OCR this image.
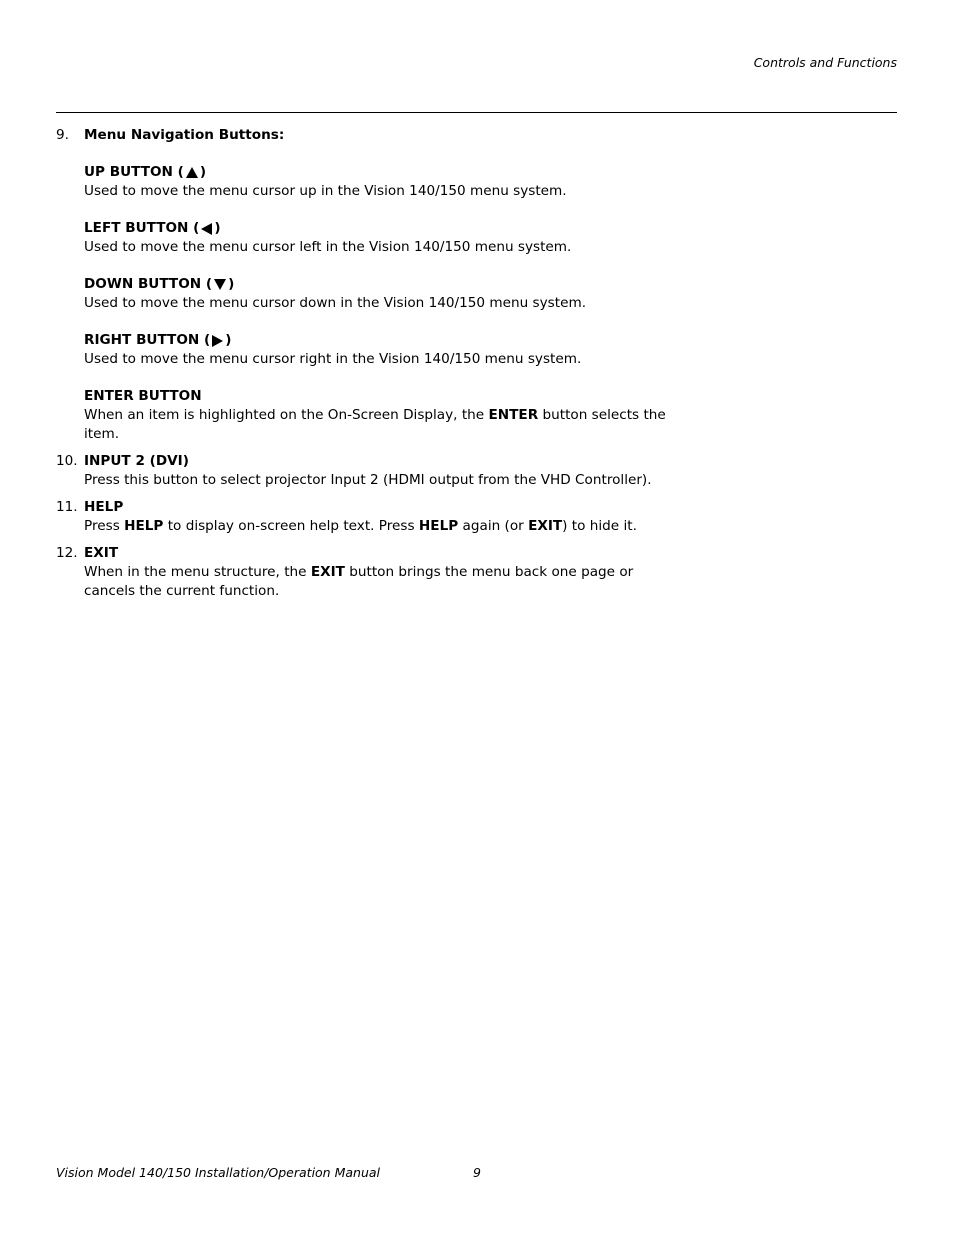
Controls and Functions
9. Menu Navigation Buttons:
UP BUTTON ( )
Used to move the menu cursor up in the Vision 140/150 menu system.
LEFT BUTTON ( )
Used to move the menu cursor left in the Vision 140/150 menu system.
DOWN BUTTON ( )
Used to move the menu cursor down in the Vision 140/150 menu system.
RIGHT BUTTON ( )
Used to move the menu cursor right in the Vision 140/150 menu system.
ENTER BUTTON
When an item is highlighted on the On-Screen Display, the ENTER button selects the item.
10. INPUT 2 (DVI)
Press this button to select projector Input 2 (HDMI output from the VHD Controller).
11. HELP
Press HELP to display on-screen help text. Press HELP again (or EXIT) to hide it.
12. EXIT
When in the menu structure, the EXIT button brings the menu back one page or cancels the current function.
Vision Model 140/150 Installation/Operation Manual	9
